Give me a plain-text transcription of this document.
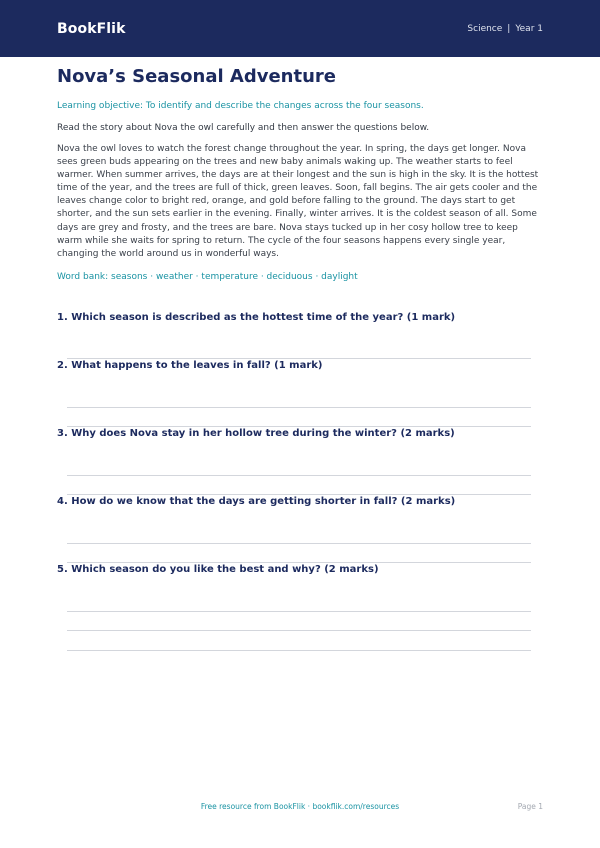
BookFlik	Science | Year 1
Nova’s Seasonal Adventure

Learning objective: To identify and describe the changes across the four seasons.

Read the story about Nova the owl carefully and then answer the questions below.

Nova the owl loves to watch the forest change throughout the year. In spring, the days get longer. Nova sees green buds appearing on the trees and new baby animals waking up. The weather starts to feel warmer. When summer arrives, the days are at their longest and the sun is high in the sky. It is the hottest time of the year, and the trees are full of thick, green leaves. Soon, fall begins. The air gets cooler and the leaves change color to bright red, orange, and gold before falling to the ground. The days start to get shorter, and the sun sets earlier in the evening. Finally, winter arrives. It is the coldest season of all. Some days are grey and frosty, and the trees are bare. Nova stays tucked up in her cosy hollow tree to keep warm while she waits for spring to return. The cycle of the four seasons happens every single year, changing the world around us in wonderful ways.

Word bank: seasons · weather · temperature · deciduous · daylight

1. Which season is described as the hottest time of the year? (1 mark)
2. What happens to the leaves in fall? (1 mark)
3. Why does Nova stay in her hollow tree during the winter? (2 marks)
4. How do we know that the days are getting shorter in fall? (2 marks)
5. Which season do you like the best and why? (2 marks)
Free resource from BookFlik · bookflik.com/resources	Page 1
